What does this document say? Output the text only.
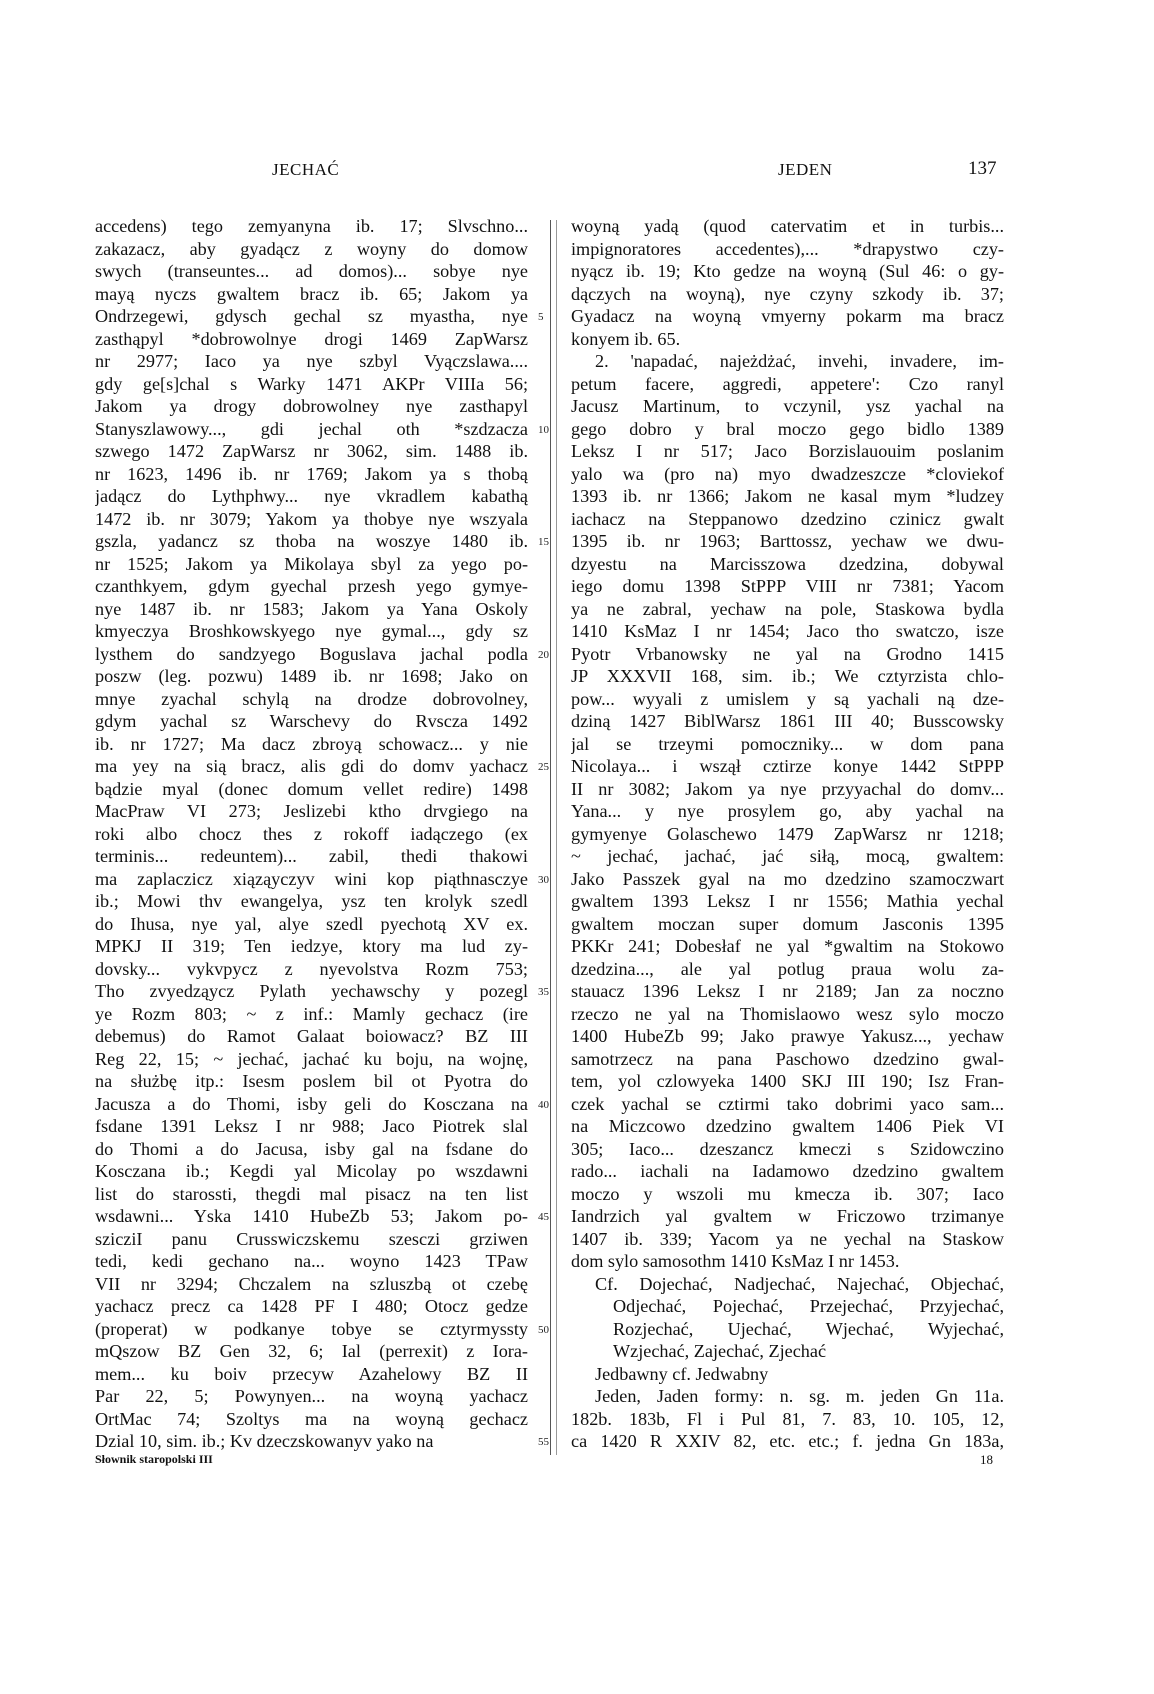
JECHAĆ	JEDEN	137
accedens) tego zemyanyna ib. 17; Slvschno...
zakazacz, aby gyadącz z woyny do domow
swych (transeuntes... ad domos)... sobye nye
mayą nyczs gwaltem bracz ib. 65; Jakom ya
Ondrzegewi, gdysch gechal sz myastha, nye
zasthąpyl *dobrowolnye drogi 1469 ZapWarsz
nr 2977; Iaco ya nye szbyl Vyączslawa....
gdy ge[s]chal s Warky 1471 AKPr VIIIa 56;
Jakom ya drogy dobrowolney nye zasthapyl
Stanyszlawowy..., gdi jechal oth *szdzacza
szwego 1472 ZapWarsz nr 3062, sim. 1488 ib.
nr 1623, 1496 ib. nr 1769; Jakom ya s thobą
jadącz do Lythphwy... nye vkradlem kabathą
1472 ib. nr 3079; Yakom ya thobye nye wszyala
gszla, yadancz sz thoba na woszye 1480 ib.
nr 1525; Jakom ya Mikolaya sbyl za yego po-
czanthkyem, gdym gyechal przesh yego gymye-
nye 1487 ib. nr 1583; Jakom ya Yana Oskoly
kmyeczya Broshkowskyego nye gymal..., gdy sz
lysthem do sandzyego Boguslava jachal podla
poszw (leg. pozwu) 1489 ib. nr 1698; Jako on
mnye zyachal schylą na drodze dobrovolney,
gdym yachal sz Warschevy do Rvscza 1492
ib. nr 1727; Ma dacz zbroyą schowacz... y nie
ma yey na sią bracz, alis gdi do domv yachacz
bądzie myal (donec domum vellet redire) 1498
MacPraw VI 273; Jeslizebi ktho drvgiego na
roki albo chocz thes z rokoff iadączego (ex
terminis... redeuntem)... zabil, thedi thakowi
ma zaplaczicz xiąząyczyv wini kop piąthnasczye
ib.; Mowi thv ewangelya, ysz ten krolyk szedl
do Ihusa, nye yal, alye szedl pyechotą XV ex.
MPKJ II 319; Ten iedzye, ktory ma lud zy-
dovsky... vykvpycz z nyevolstva Rozm 753;
Tho zvyedząycz Pylath yechawschy y pozegl
ye Rozm 803; ~ z inf.: Mamly gechacz (ire
debemus) do Ramot Galaat boiowacz? BZ III
Reg 22, 15; ~ jechać, jachać ku boju, na wojnę,
na służbę itp.: Isesm poslem bil ot Pyotra do
Jacusza a do Thomi, isby geli do Kosczana na
fsdane 1391 Leksz I nr 988; Jaco Piotrek slal
do Thomi a do Jacusa, isby gal na fsdane do
Kosczana ib.; Kegdi yal Micolay po wszdawni
list do starossti, thegdi mal pisacz na ten list
wsdawni... Yska 1410 HubeZb 53; Jakom po-
szicziI panu Crusswiczskemu szesczi grziwen
tedi, kedi gechano na... woyno 1423 TPaw
VII nr 3294; Chczalem na szluszbą ot czebę
yachacz precz ca 1428 PF I 480; Otocz gedze
(properat) w podkanye tobye se cztyrmyssty
mQszow BZ Gen 32, 6; Ial (perrexit) z Iora-
mem... ku boiv przecyw Azahelowy BZ II
Par 22, 5; Powynyen... na woyną yachacz
OrtMac 74; Szoltys ma na woyną gechacz
Dzial 10, sim. ib.; Kv dzeczskowanyv yako na
5
10
15
20
25
30
35
40
45
50
55
woyną yadą (quod catervatim et in turbis...
impignoratores accedentes),... *drapystwo czy-
nyącz ib. 19; Kto gedze na woyną (Sul 46: o gy-
dączych na woyną), nye czyny szkody ib. 37;
Gyadacz na woyną vmyerny pokarm ma bracz
konyem ib. 65.
2. 'napadać, najeżdżać, invehi, invadere, im-
petum facere, aggredi, appetere': Czo ranyl
Jacusz Martinum, to vczynil, ysz yachal na
gego dobro y bral moczo gego bidlo 1389
Leksz I nr 517; Jaco Borzislauouim poslanim
yalo wa (pro na) myo dwadzeszcze *cloviekof
1393 ib. nr 1366; Jakom ne kasal mym *ludzey
iachacz na Steppanowo dzedzino czinicz gwalt
1395 ib. nr 1963; Barttossz, yechaw we dwu-
dzyestu na Marcisszowa dzedzina, dobywal
iego domu 1398 StPPP VIII nr 7381; Yacom
ya ne zabral, yechaw na pole, Staskowa bydla
1410 KsMaz I nr 1454; Jaco tho swatczo, isze
Pyotr Vrbanowsky ne yal na Grodno 1415
JP XXXVII 168, sim. ib.; We cztyrzista chlo-
pow... wyyali z umislem y są yachali ną dze-
dziną 1427 BiblWarsz 1861 III 40; Busscowsky
jal se trzeymi pomoczniky... w dom pana
Nicolaya... i wszął cztirze konye 1442 StPPP
II nr 3082; Jakom ya nye przyyachal do domv...
Yana... y nye prosylem go, aby yachal na
gymyenye Golaschewo 1479 ZapWarsz nr 1218;
~ jechać, jachać, jać siłą, mocą, gwaltem:
Jako Passzek gyal na mo dzedzino szamoczwart
gwaltem 1393 Leksz I nr 1556; Mathia yechal
gwaltem moczan super domum Jasconis 1395
PKKr 241; Dobesłaf ne yal *gwaltim na Stokowo
dzedzina..., ale yal potlug praua wolu za-
stauacz 1396 Leksz I nr 2189; Jan za noczno
rzeczo ne yal na Thomislaowo wesz sylo moczo
1400 HubeZb 99; Jako prawye Yakusz..., yechaw
samotrzecz na pana Paschowo dzedzino gwal-
tem, yol czlowyeka 1400 SKJ III 190; Isz Fran-
czek yachal se cztirmi tako dobrimi yaco sam...
na Miczcowo dzedzino gwaltem 1406 Piek VI
305; Iaco... dzeszancz kmeczi s Szidowczino
rado... iachali na Iadamowo dzedzino gwaltem
moczo y wszoli mu kmecza ib. 307; Iaco
Iandrzich yal gvaltem w Friczowo trzimanye
1407 ib. 339; Yacom ya ne yechal na Staskow
dom sylo samosothm 1410 KsMaz I nr 1453.
Cf. Dojechać, Nadjechać, Najechać, Objechać,
Odjechać, Pojechać, Przejechać, Przyjechać,
Rozjechać, Ujechać, Wjechać, Wyjechać,
Wzjechać, Zajechać, Zjechać
Jedbawny cf. Jedwabny
Jeden, Jaden formy: n. sg. m. jeden Gn 11a.
182b. 183b, Fl i Pul 81, 7. 83, 10. 105, 12,
ca 1420 R XXIV 82, etc. etc.; f. jedna Gn 183a,
Słownik staropolski III	18
